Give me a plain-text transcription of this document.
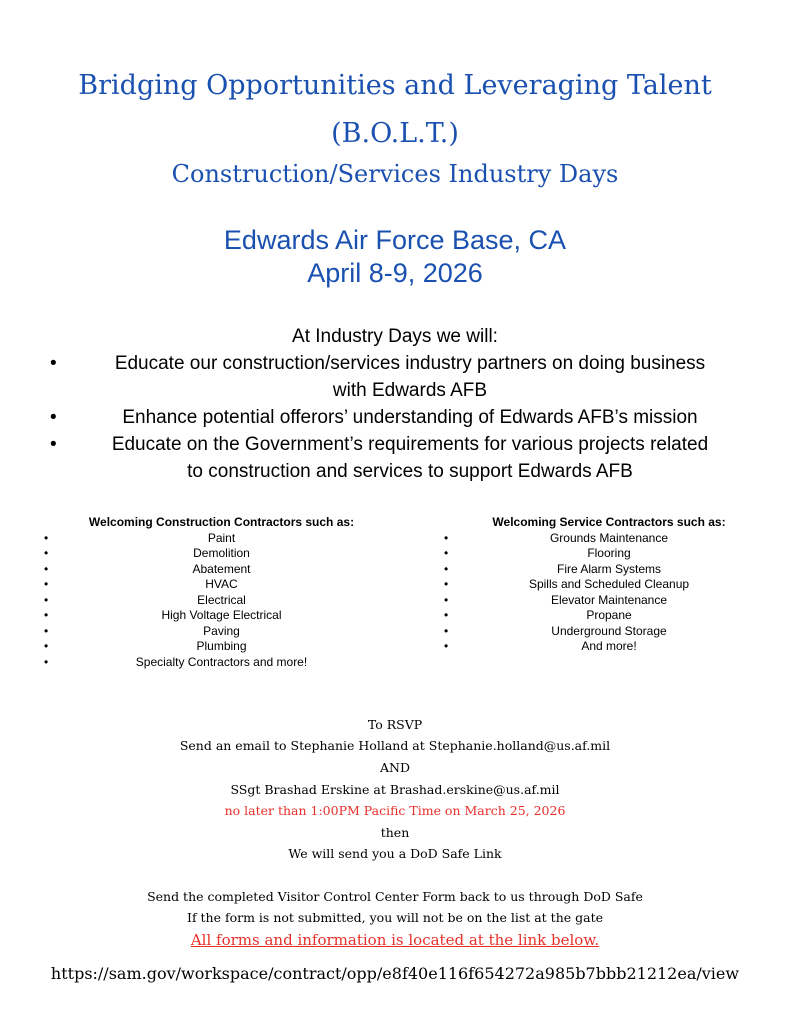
Bridging Opportunities and Leveraging Talent
(B.O.L.T.)
Construction/Services Industry Days
Edwards Air Force Base, CA
April 8-9, 2026
At Industry Days we will:
•	Educate our construction/services industry partners on doing business
with Edwards AFB
•	Enhance potential offerors’ understanding of Edwards AFB’s mission
•	Educate on the Government’s requirements for various projects related
to construction and services to support Edwards AFB
Welcoming Construction Contractors such as:
•	Paint
•	Demolition
•	Abatement
•	HVAC
•	Electrical
•	High Voltage Electrical
•	Paving
•	Plumbing
•	Specialty Contractors and more!
Welcoming Service Contractors such as:
•	Grounds Maintenance
•	Flooring
•	Fire Alarm Systems
•	Spills and Scheduled Cleanup
•	Elevator Maintenance
•	Propane
•	Underground Storage
•	And more!
To RSVP
Send an email to Stephanie Holland at Stephanie.holland@us.af.mil
AND
SSgt Brashad Erskine at Brashad.erskine@us.af.mil
no later than 1:00PM Pacific Time on March 25, 2026
then
We will send you a DoD Safe Link
Send the completed Visitor Control Center Form back to us through DoD Safe
If the form is not submitted, you will not be on the list at the gate
All forms and information is located at the link below.
https://sam.gov/workspace/contract/opp/e8f40e116f654272a985b7bbb21212ea/view
